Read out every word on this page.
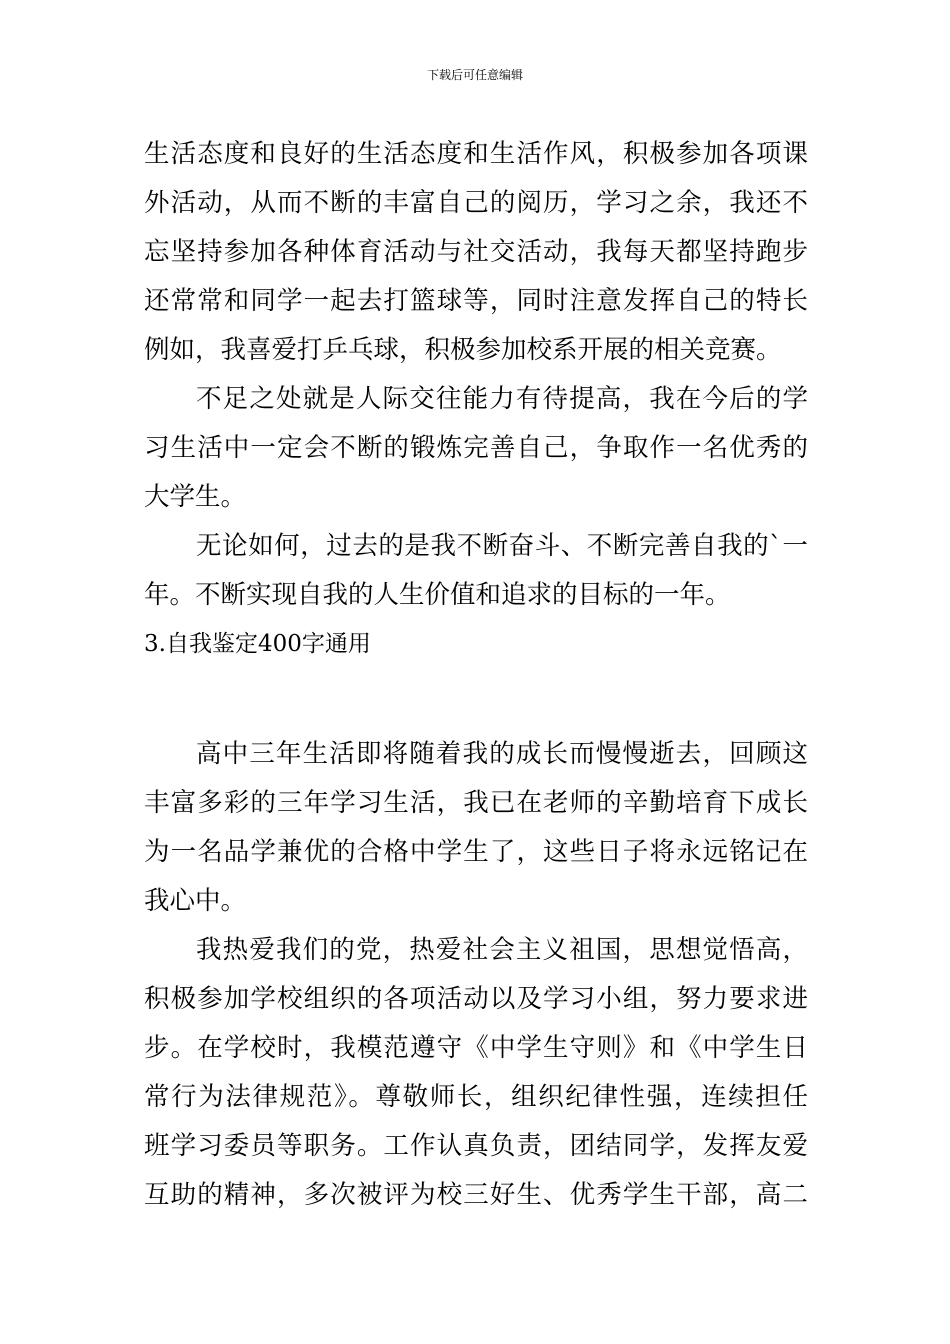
下载后可任意编辑
生活态度和良好的生活态度和生活作风，积极参加各项课
外活动，从而不断的丰富自己的阅历，学习之余，我还不
忘坚持参加各种体育活动与社交活动，我每天都坚持跑步
还常常和同学一起去打篮球等，同时注意发挥自己的特长
例如，我喜爱打乒乓球，积极参加校系开展的相关竞赛。
不足之处就是人际交往能力有待提高，我在今后的学
习生活中一定会不断的锻炼完善自己，争取作一名优秀的
大学生。
无论如何，过去的是我不断奋斗、不断完善自我的`一
年。不断实现自我的人生价值和追求的目标的一年。
3.自我鉴定400字通用
高中三年生活即将随着我的成长而慢慢逝去，回顾这
丰富多彩的三年学习生活，我已在老师的辛勤培育下成长
为一名品学兼优的合格中学生了，这些日子将永远铭记在
我心中。
我热爱我们的党，热爱社会主义祖国，思想觉悟高，
积极参加学校组织的各项活动以及学习小组，努力要求进
步。在学校时，我模范遵守《中学生守则》和《中学生日
常行为法律规范》。尊敬师长，组织纪律性强，连续担任
班学习委员等职务。工作认真负责，团结同学，发挥友爱
互助的精神，多次被评为校三好生、优秀学生干部，高二
